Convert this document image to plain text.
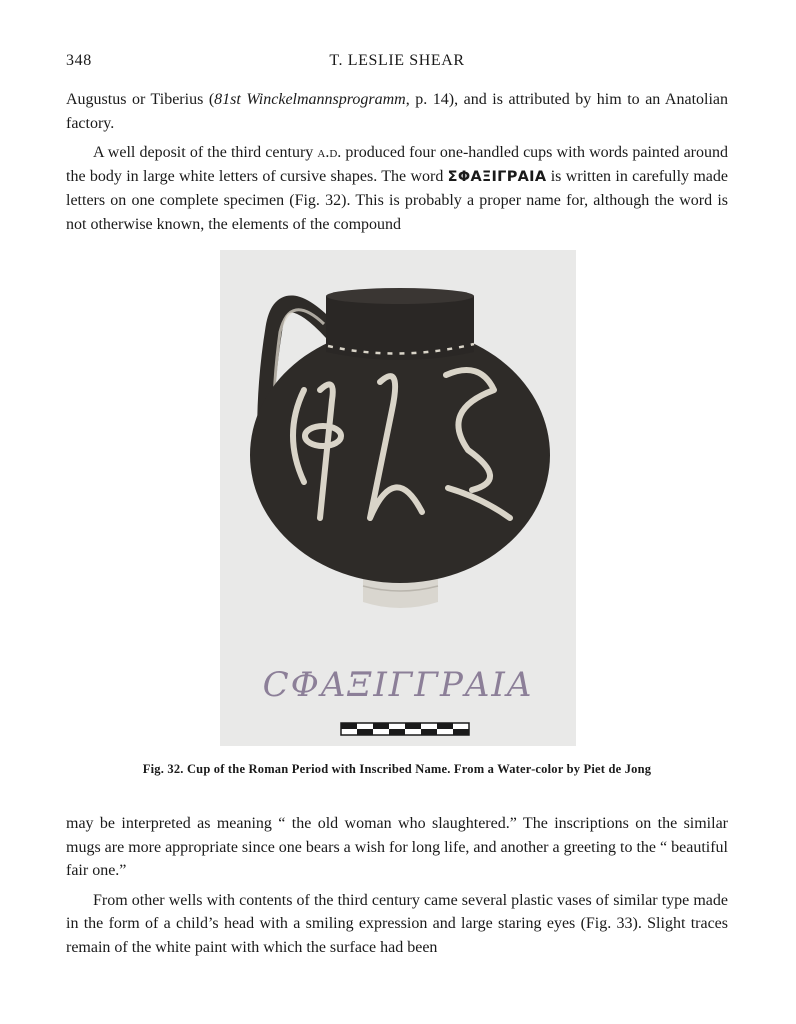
348	T. LESLIE SHEAR

Augustus or Tiberius (81st Winckelmannsprogramm, p. 14), and is attributed by him to an Anatolian factory.

A well deposit of the third century a.d. produced four one-handled cups with words painted around the body in large white letters of cursive shapes. The word ΣΦΑΞΙΓΡΑΙΑ is written in carefully made letters on one complete specimen (Fig. 32). This is probably a proper name for, although the word is not otherwise known, the elements of the compound

СФΑΞΙΓΓΡΑΙΑ
Fig. 32. Cup of the Roman Period with Inscribed Name. From a Water-color by Piet de Jong

may be interpreted as meaning “ the old woman who slaughtered.” The inscriptions on the similar mugs are more appropriate since one bears a wish for long life, and another a greeting to the “ beautiful fair one.”

From other wells with contents of the third century came several plastic vases of similar type made in the form of a child’s head with a smiling expression and large staring eyes (Fig. 33). Slight traces remain of the white paint with which the surface had been
